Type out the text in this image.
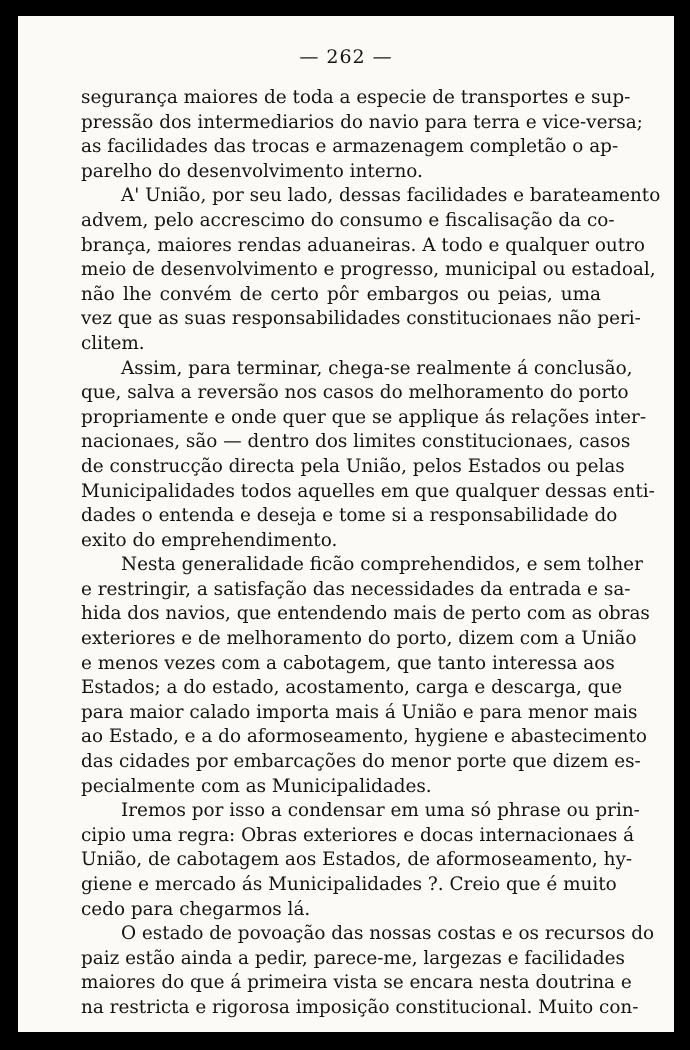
— 262 —

segurança maiores de toda a especie de transportes e sup-
pressão dos intermediarios do navio para terra e vice-versa;
as facilidades das trocas e armazenagem completão o ap-
parelho do desenvolvimento interno.

A' União, por seu lado, dessas facilidades e barateamento
advem, pelo accrescimo do consumo e fiscalisação da co-
brança, maiores rendas aduaneiras. A todo e qualquer outro
meio de desenvolvimento e progresso, municipal ou estadoal,
não lhe convém de certo pôr embargos ou peias, uma
vez que as suas responsabilidades constitucionaes não peri-
clitem.

Assim, para terminar, chega-se realmente á conclusão,
que, salva a reversão nos casos do melhoramento do porto
propriamente e onde quer que se applique ás relações inter-
nacionaes, são — dentro dos limites constitucionaes, casos
de construcção directa pela União, pelos Estados ou pelas
Municipalidades todos aquelles em que qualquer dessas enti-
dades o entenda e deseja e tome si a responsabilidade do
exito do emprehendimento.

Nesta generalidade ficão comprehendidos, e sem tolher
e restringir, a satisfação das necessidades da entrada e sa-
hida dos navios, que entendendo mais de perto com as obras
exteriores e de melhoramento do porto, dizem com a União
e menos vezes com a cabotagem, que tanto interessa aos
Estados; a do estado, acostamento, carga e descarga, que
para maior calado importa mais á União e para menor mais
ao Estado, e a do aformoseamento, hygiene e abastecimento
das cidades por embarcações do menor porte que dizem es-
pecialmente com as Municipalidades.

Iremos por isso a condensar em uma só phrase ou prin-
cipio uma regra: Obras exteriores e docas internacionaes á
União, de cabotagem aos Estados, de aformoseamento, hy-
giene e mercado ás Municipalidades ?. Creio que é muito
cedo para chegarmos lá.

O estado de povoação das nossas costas e os recursos do
paiz estão ainda a pedir, parece-me, largezas e facilidades
maiores do que á primeira vista se encara nesta doutrina e
na restricta e rigorosa imposição constitucional. Muito con-
